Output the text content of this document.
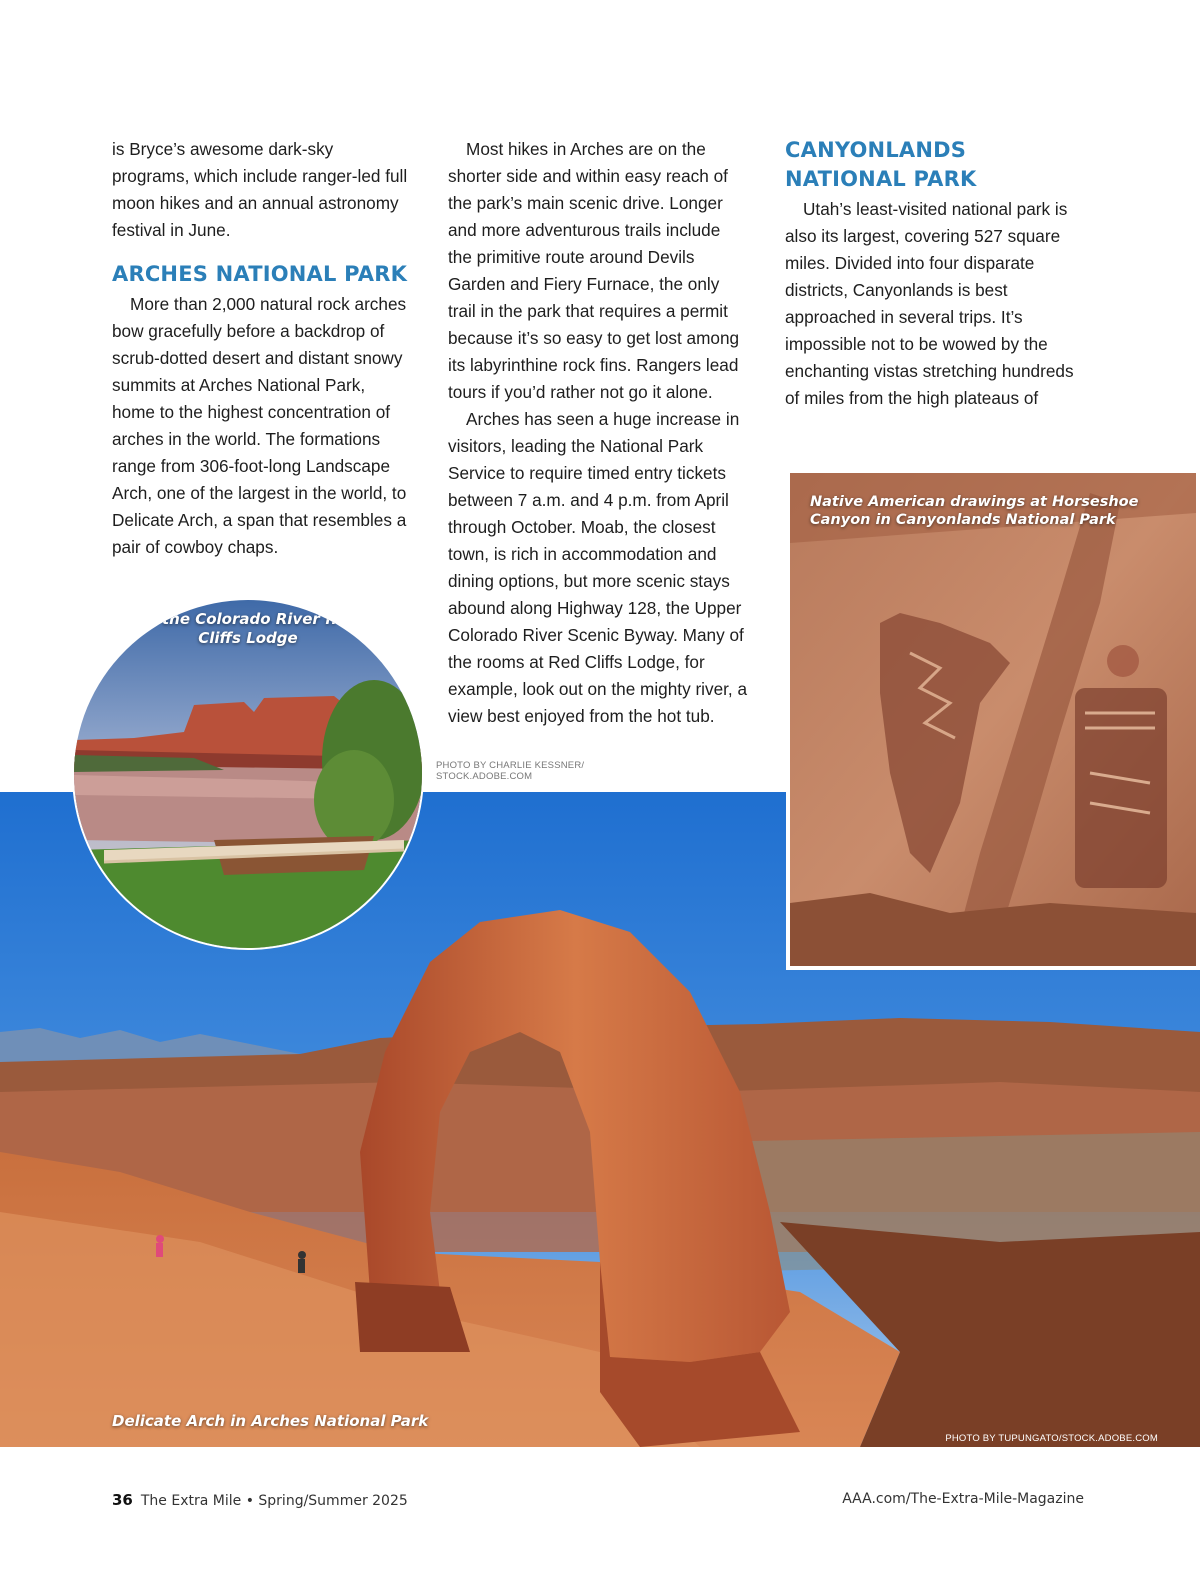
is Bryce’s awesome dark-sky programs, which include ranger-led full moon hikes and an annual astronomy festival in June.

ARCHES NATIONAL PARK

More than 2,000 natural rock arches bow gracefully before a backdrop of scrub-dotted desert and distant snowy summits at Arches National Park, home to the highest concentration of arches in the world. The formations range from 306-foot-long Landscape Arch, one of the largest in the world, to Delicate Arch, a span that resembles a pair of cowboy chaps.

Most hikes in Arches are on the shorter side and within easy reach of the park’s main scenic drive. Longer and more adventurous trails include the primitive route around Devils Garden and Fiery Furnace, the only trail in the park that requires a permit because it’s so easy to get lost among its labyrinthine rock fins. Rangers lead tours if you’d rather not go it alone.

Arches has seen a huge increase in visitors, leading the National Park Service to require timed entry tickets between 7 a.m. and 4 p.m. from April through October. Moab, the closest town, is rich in accommodation and dining options, but more scenic stays abound along Highway 128, the Upper Colorado River Scenic Byway. Many of the rooms at Red Cliffs Lodge, for example, look out on the mighty river, a view best enjoyed from the hot tub.

CANYONLANDS NATIONAL PARK

Utah’s least-visited national park is also its largest, covering 527 square miles. Divided into four disparate districts, Canyonlands is best approached in several trips. It’s impossible not to be wowed by the enchanting vistas stretching hundreds of miles from the high plateaus of

Delicate Arch in Arches National Park
PHOTO BY TUPUNGATO/STOCK.ADOBE.COM
View of the Colorado River from Red Cliffs Lodge
PHOTO BY CHARLIE KESSNER/ STOCK.ADOBE.COM
Native American drawings at Horseshoe Canyon in Canyonlands National Park
36 The Extra Mile • Spring/Summer 2025	AAA.com/The-Extra-Mile-Magazine
